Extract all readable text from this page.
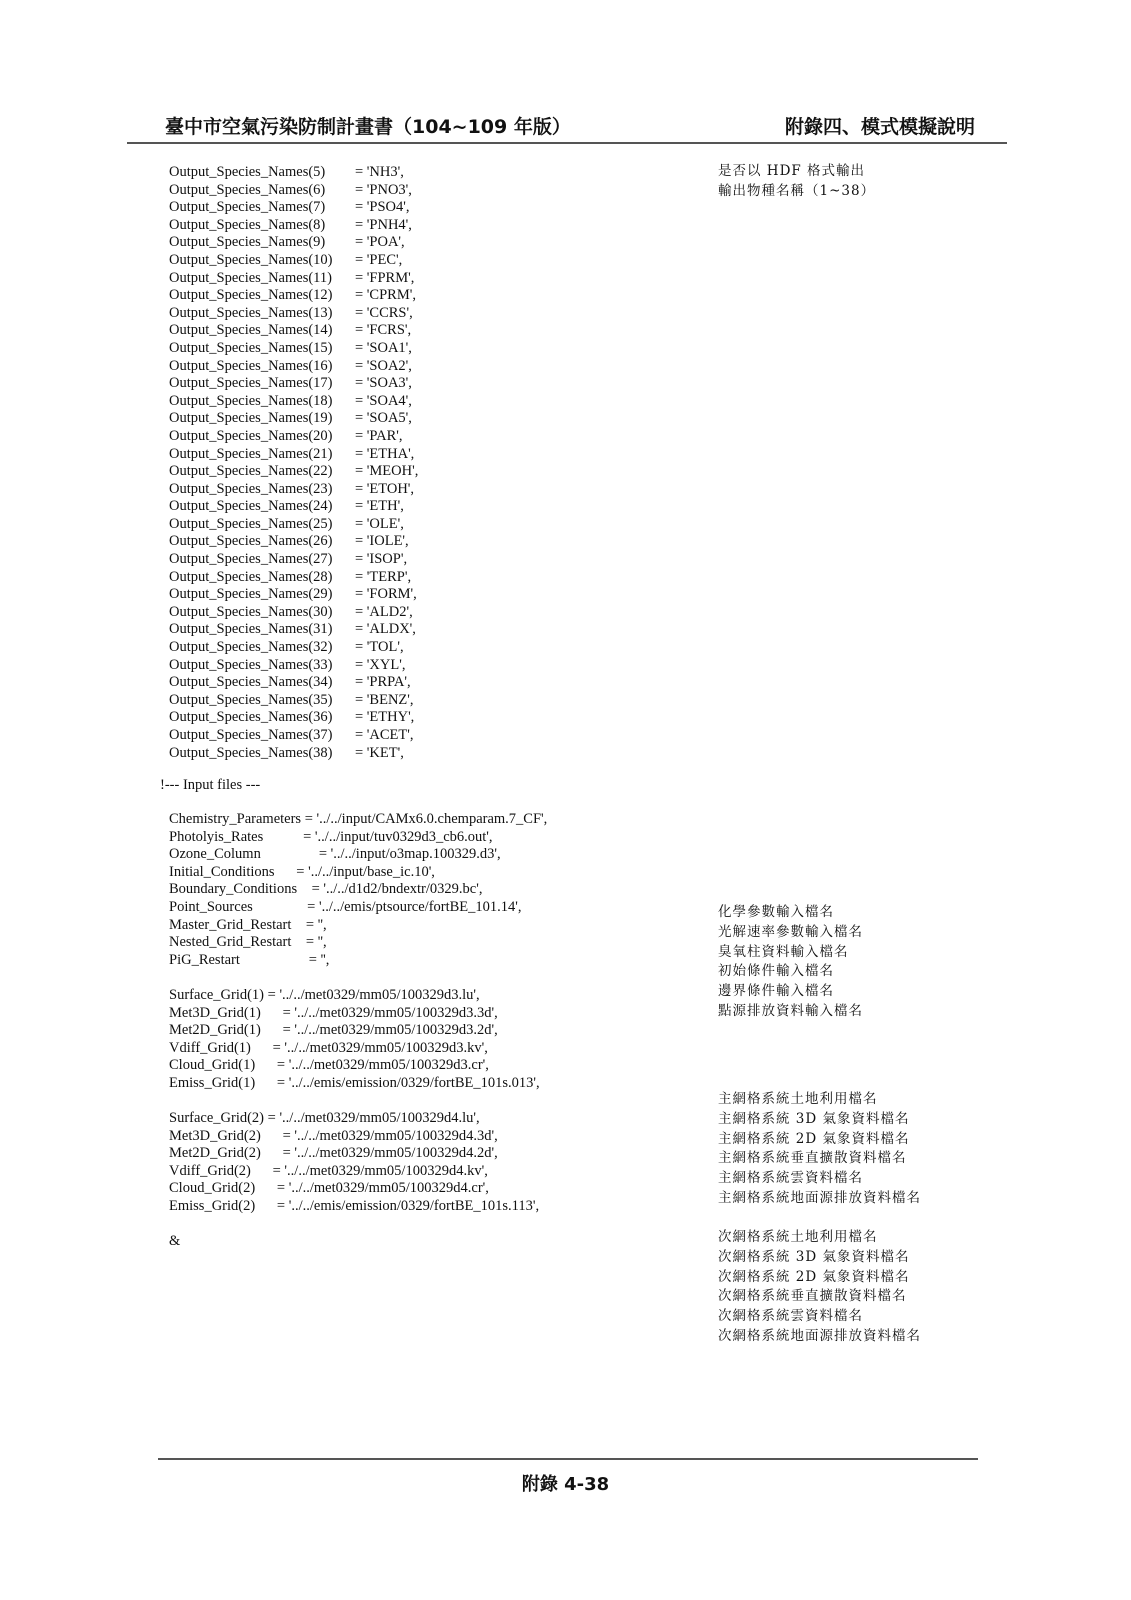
臺中市空氣污染防制計畫書（104~109 年版）	附錄四、模式模擬說明
Output_Species_Names(5) = 'NH3',
Output_Species_Names(6) = 'PNO3',
Output_Species_Names(7) = 'PSO4',
Output_Species_Names(8) = 'PNH4',
Output_Species_Names(9) = 'POA',
Output_Species_Names(10) = 'PEC',
Output_Species_Names(11) = 'FPRM',
Output_Species_Names(12) = 'CPRM',
Output_Species_Names(13) = 'CCRS',
Output_Species_Names(14) = 'FCRS',
Output_Species_Names(15) = 'SOA1',
Output_Species_Names(16) = 'SOA2',
Output_Species_Names(17) = 'SOA3',
Output_Species_Names(18) = 'SOA4',
Output_Species_Names(19) = 'SOA5',
Output_Species_Names(20) = 'PAR',
Output_Species_Names(21) = 'ETHA',
Output_Species_Names(22) = 'MEOH',
Output_Species_Names(23) = 'ETOH',
Output_Species_Names(24) = 'ETH',
Output_Species_Names(25) = 'OLE',
Output_Species_Names(26) = 'IOLE',
Output_Species_Names(27) = 'ISOP',
Output_Species_Names(28) = 'TERP',
Output_Species_Names(29) = 'FORM',
Output_Species_Names(30) = 'ALD2',
Output_Species_Names(31) = 'ALDX',
Output_Species_Names(32) = 'TOL',
Output_Species_Names(33) = 'XYL',
Output_Species_Names(34) = 'PRPA',
Output_Species_Names(35) = 'BENZ',
Output_Species_Names(36) = 'ETHY',
Output_Species_Names(37) = 'ACET',
Output_Species_Names(38) = 'KET',
!--- Input files ---
Chemistry_Parameters = '../../input/CAMx6.0.chemparam.7_CF',
Photolyis_Rates           = '../../input/tuv0329d3_cb6.out',
Ozone_Column                = '../../input/o3map.100329.d3',
Initial_Conditions      = '../../input/base_ic.10',
Boundary_Conditions    = '../../d1d2/bndextr/0329.bc',
Point_Sources               = '../../emis/ptsource/fortBE_101.14',
Master_Grid_Restart    = '',
Nested_Grid_Restart    = '',
PiG_Restart                   = '',
Surface_Grid(1) = '../../met0329/mm05/100329d3.lu',
Met3D_Grid(1)      = '../../met0329/mm05/100329d3.3d',
Met2D_Grid(1)      = '../../met0329/mm05/100329d3.2d',
Vdiff_Grid(1)      = '../../met0329/mm05/100329d3.kv',
Cloud_Grid(1)      = '../../met0329/mm05/100329d3.cr',
Emiss_Grid(1)      = '../../emis/emission/0329/fortBE_101s.013',
Surface_Grid(2) = '../../met0329/mm05/100329d4.lu',
Met3D_Grid(2)      = '../../met0329/mm05/100329d4.3d',
Met2D_Grid(2)      = '../../met0329/mm05/100329d4.2d',
Vdiff_Grid(2)      = '../../met0329/mm05/100329d4.kv',
Cloud_Grid(2)      = '../../met0329/mm05/100329d4.cr',
Emiss_Grid(2)      = '../../emis/emission/0329/fortBE_101s.113',
&
是否以 HDF 格式輸出
輸出物種名稱（1~38）
化學參數輸入檔名
光解速率參數輸入檔名
臭氧柱資料輸入檔名
初始條件輸入檔名
邊界條件輸入檔名
點源排放資料輸入檔名
主網格系統土地利用檔名
主網格系統 3D 氣象資料檔名
主網格系統 2D 氣象資料檔名
主網格系統垂直擴散資料檔名
主網格系統雲資料檔名
主網格系統地面源排放資料檔名
次網格系統土地利用檔名
次網格系統 3D 氣象資料檔名
次網格系統 2D 氣象資料檔名
次網格系統垂直擴散資料檔名
次網格系統雲資料檔名
次網格系統地面源排放資料檔名
附錄 4-38
